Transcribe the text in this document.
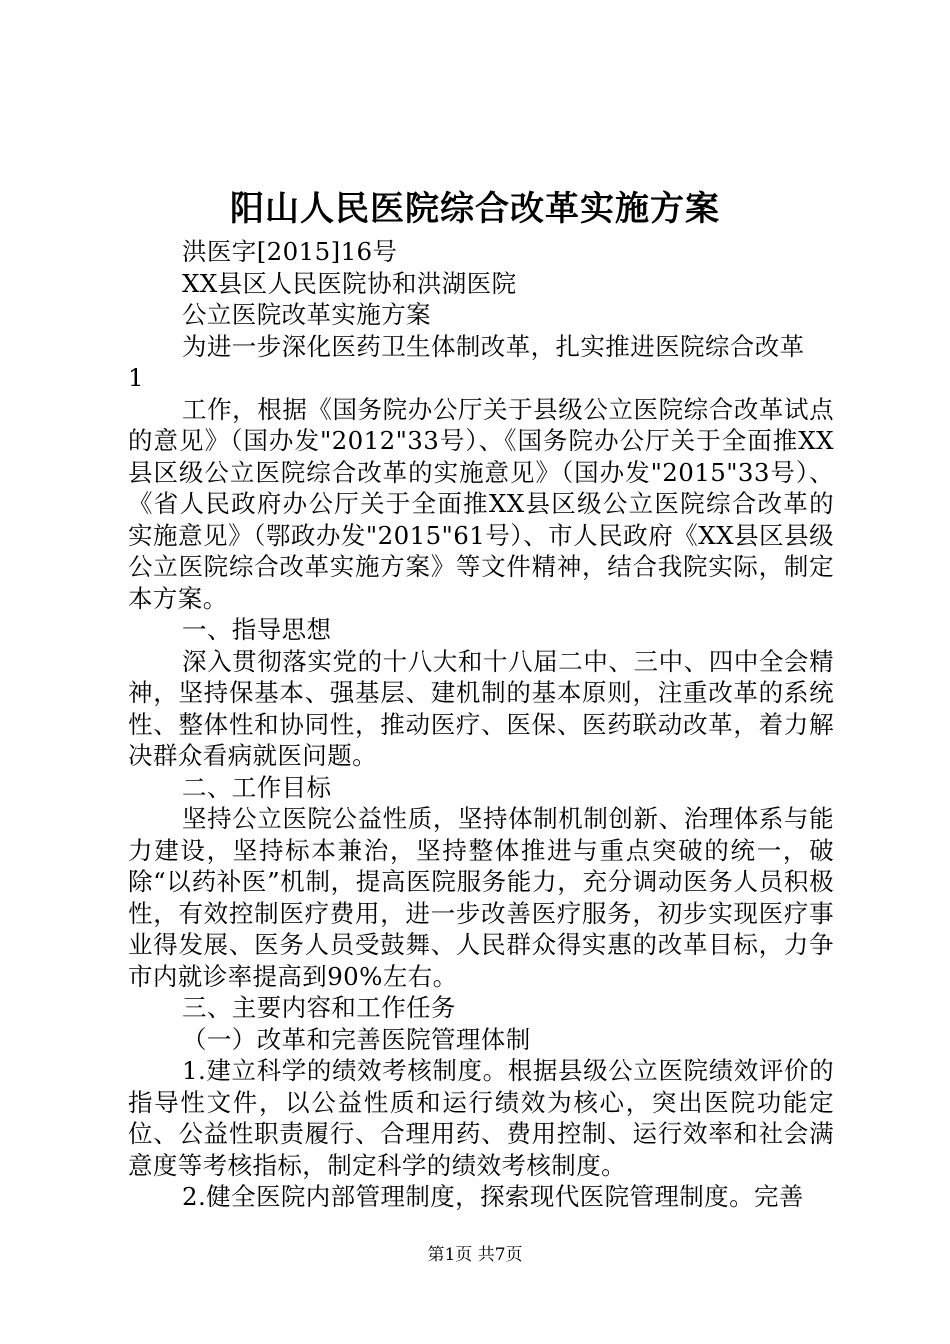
阳山人民医院综合改革实施方案

洪医字[2015]16号

XX县区人民医院协和洪湖医院

公立医院改革实施方案

为进一步深化医药卫生体制改革，扎实推进医院综合改革

1

工作，根据《国务院办公厅关于县级公立医院综合改革试点的意见》（国办发"2012"33号）、《国务院办公厅关于全面推XX县区级公立医院综合改革的实施意见》（国办发"2015"33号）、《省人民政府办公厅关于全面推XX县区级公立医院综合改革的实施意见》（鄂政办发"2015"61号）、市人民政府《XX县区县级公立医院综合改革实施方案》等文件精神，结合我院实际，制定本方案。

一、指导思想

深入贯彻落实党的十八大和十八届二中、三中、四中全会精神，坚持保基本、强基层、建机制的基本原则，注重改革的系统性、整体性和协同性，推动医疗、医保、医药联动改革，着力解决群众看病就医问题。

二、工作目标

坚持公立医院公益性质，坚持体制机制创新、治理体系与能力建设，坚持标本兼治，坚持整体推进与重点突破的统一，破除“以药补医”机制，提高医院服务能力，充分调动医务人员积极性，有效控制医疗费用，进一步改善医疗服务，初步实现医疗事业得发展、医务人员受鼓舞、人民群众得实惠的改革目标，力争市内就诊率提高到90%左右。

三、主要内容和工作任务

（一）改革和完善医院管理体制

1.建立科学的绩效考核制度。根据县级公立医院绩效评价的指导性文件，以公益性质和运行绩效为核心，突出医院功能定位、公益性职责履行、合理用药、费用控制、运行效率和社会满意度等考核指标，制定科学的绩效考核制度。

2.健全医院内部管理制度，探索现代医院管理制度。完善

第1页 共7页
